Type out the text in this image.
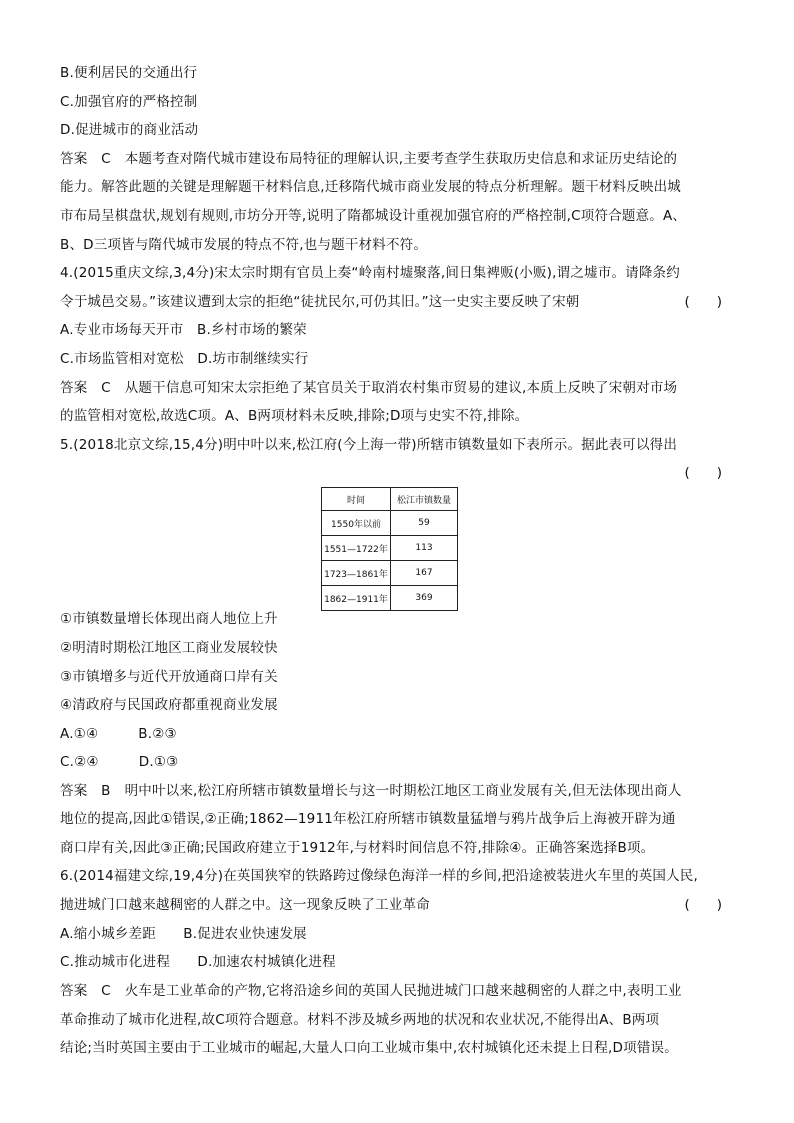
B.便利居民的交通出行
C.加强官府的严格控制
D.促进城市的商业活动
答案　C 本题考查对隋代城市建设布局特征的理解认识,主要考查学生获取历史信息和求证历史结论的
能力。解答此题的关键是理解题干材料信息,迁移隋代城市商业发展的特点分析理解。题干材料反映出城
市布局呈棋盘状,规划有规则,市坊分开等,说明了隋都城设计重视加强官府的严格控制,C项符合题意。A、
B、D三项皆与隋代城市发展的特点不符,也与题干材料不符。
4.(2015重庆文综,3,4分)宋太宗时期有官员上奏“岭南村墟聚落,间日集裨贩(小贩),谓之墟市。请降条约
令于城邑交易。”该建议遭到太宗的拒绝“徒扰民尔,可仍其旧。”这一史实主要反映了宋朝	(　　)
A.专业市场每天开市　B.乡村市场的繁荣
C.市场监管相对宽松　D.坊市制继续实行
答案　C 从题干信息可知宋太宗拒绝了某官员关于取消农村集市贸易的建议,本质上反映了宋朝对市场
的监管相对宽松,故选C项。A、B两项材料未反映,排除;D项与史实不符,排除。
5.(2018北京文综,15,4分)明中叶以来,松江府(今上海一带)所辖市镇数量如下表所示。据此表可以得出
(　　)
时间	松江市镇数量
1550年以前	59
1551—1722年	113
1723—1861年	167
1862—1911年	369
①市镇数量增长体现出商人地位上升
②明清时期松江地区工商业发展较快
③市镇增多与近代开放通商口岸有关
④清政府与民国政府都重视商业发展
A.①④	B.②③
C.②④	D.①③
答案　B 明中叶以来,松江府所辖市镇数量增长与这一时期松江地区工商业发展有关,但无法体现出商人
地位的提高,因此①错误,②正确;1862—1911年松江府所辖市镇数量猛增与鸦片战争后上海被开辟为通
商口岸有关,因此③正确;民国政府建立于1912年,与材料时间信息不符,排除④。正确答案选择B项。
6.(2014福建文综,19,4分)在英国狭窄的铁路跨过像绿色海洋一样的乡间,把沿途被装进火车里的英国人民,
抛进城门口越来越稠密的人群之中。这一现象反映了工业革命	(　　)
A.缩小城乡差距　　B.促进农业快速发展
C.推动城市化进程　　D.加速农村城镇化进程
答案　C 火车是工业革命的产物,它将沿途乡间的英国人民抛进城门口越来越稠密的人群之中,表明工业
革命推动了城市化进程,故C项符合题意。材料不涉及城乡两地的状况和农业状况,不能得出A、B两项
结论;当时英国主要由于工业城市的崛起,大量人口向工业城市集中,农村城镇化还未提上日程,D项错误。
